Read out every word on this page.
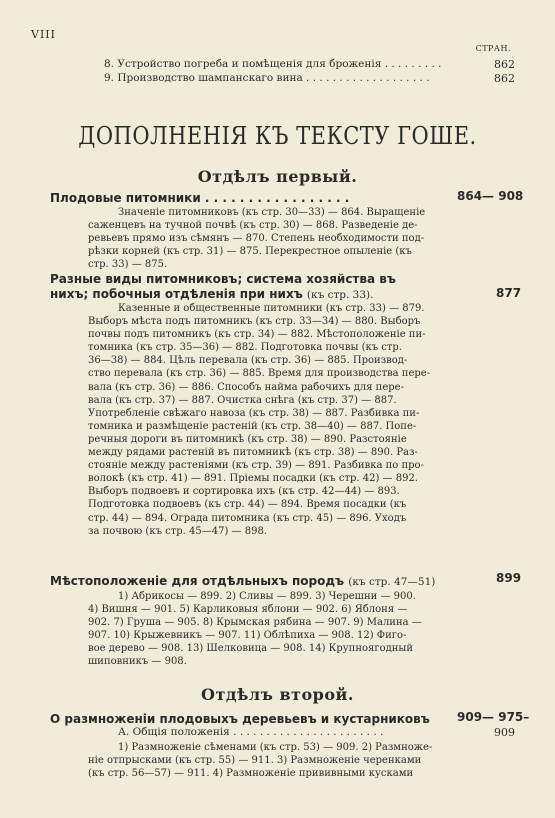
VIII
СТРАН.
8. Устройство погреба и помѣщенія для броженія . . . . . . . . .	862
9. Производство шампанскаго вина . . . . . . . . . . . . . . . . . . .	862
ДОПОЛНЕНІЯ КЪ ТЕКСТУ ГОШЕ.
Отдѣлъ первый.
Плодовые питомники . . . . . . . . . . . . . . . . .	864— 908
Значеніе питомниковъ (къ стр. 30—33) — 864. Выращеніе
саженцевъ на тучной почвѣ (къ стр. 30) — 868. Разведеніе де-
ревьевъ прямо изъ сѣмянъ — 870. Степень необходимости под-
рѣзки корней (къ стр. 31) — 875. Перекрестное опыленіе (къ
стр. 33) — 875.
Разные виды питомниковъ; система хозяйства въ
нихъ; побочныя отдѣленія при нихъ (къ стр. 33).	877
Казенные и общественные питомники (къ стр. 33) — 879.
Выборъ мѣста подъ питомникъ (къ стр. 33—34) — 880. Выборъ
почвы подъ питомникъ (къ стр. 34) — 882. Мѣстоположеніе пи-
томника (къ стр. 35—36) — 882. Подготовка почвы (къ стр.
36—38) — 884. Цѣль перевала (къ стр. 36) — 885. Производ-
ство перевала (къ стр. 36) — 885. Время для производства пере-
вала (къ стр. 36) — 886. Способъ найма рабочихъ для пере-
вала (къ стр. 37) — 887. Очистка снѣга (къ стр. 37) — 887.
Употребленіе свѣжаго навоза (къ стр. 38) — 887. Разбивка пи-
томника и размѣщеніе растеній (къ стр. 38—40) — 887. Попе-
речныя дороги въ питомникѣ (къ стр. 38) — 890. Разстояніе
между рядами растеній въ питомникѣ (къ стр. 38) — 890. Раз-
стояніе между растеніями (къ стр. 39) — 891. Разбивка по про-
волокѣ (къ стр. 41) — 891. Пріемы посадки (къ стр. 42) — 892.
Выборъ подвоевъ и сортировка ихъ (къ стр. 42—44) — 893.
Подготовка подвоевъ (къ стр. 44) — 894. Время посадки (къ
стр. 44) — 894. Ограда питомника (къ стр. 45) — 896. Уходъ
за почвою (къ стр. 45—47) — 898.
Мѣстоположеніе для отдѣльныхъ породъ (къ стр. 47—51)	899
1) Абрикосы — 899. 2) Сливы — 899. 3) Черешни — 900.
4) Вишня — 901. 5) Карликовыя яблони — 902. 6) Яблоня —
902. 7) Груша — 905. 8) Крымская рябина — 907. 9) Малина —
907. 10) Крыжевникъ — 907. 11) Облѣпиха — 908. 12) Фиго-
вое дерево — 908. 13) Шелковица — 908. 14) Крупноягодный
шиповникъ — 908.
Отдѣлъ второй.
О размноженіи плодовыхъ деревьевъ и кустарниковъ 909— 975–
А. Общія положенія . . . . . . . . . . . . . . . . . . . . . . .	909
1) Размноженіе сѣменами (къ стр. 53) — 909. 2) Размноже-
ніе отпрысками (къ стр. 55) — 911. 3) Размноженіе черенками
(къ стр. 56—57) — 911. 4) Размноженіе прививными кусками
